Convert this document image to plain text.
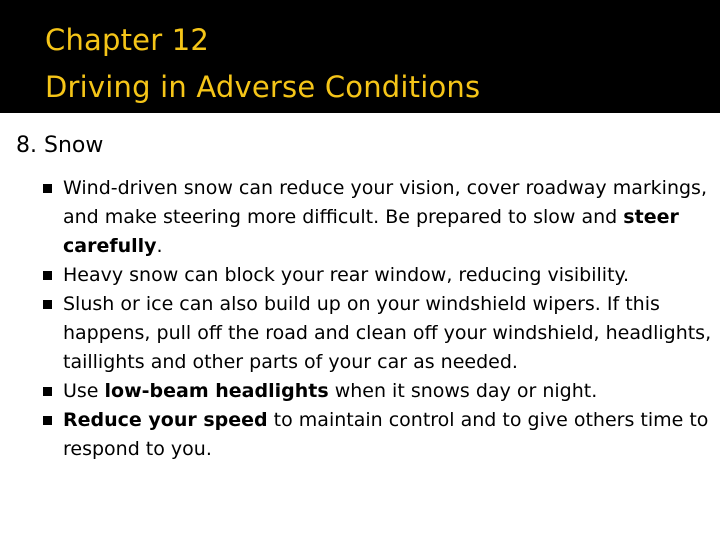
Chapter 12
Driving in Adverse Conditions
8. Snow
Wind-driven snow can reduce your vision, cover roadway markings, and make steering more difficult. Be prepared to slow and steer carefully.
Heavy snow can block your rear window, reducing visibility.
Slush or ice can also build up on your windshield wipers. If this happens, pull off the road and clean off your windshield, headlights, taillights and other parts of your car as needed.
Use low-beam headlights when it snows day or night.
Reduce your speed to maintain control and to give others time to respond to you.
